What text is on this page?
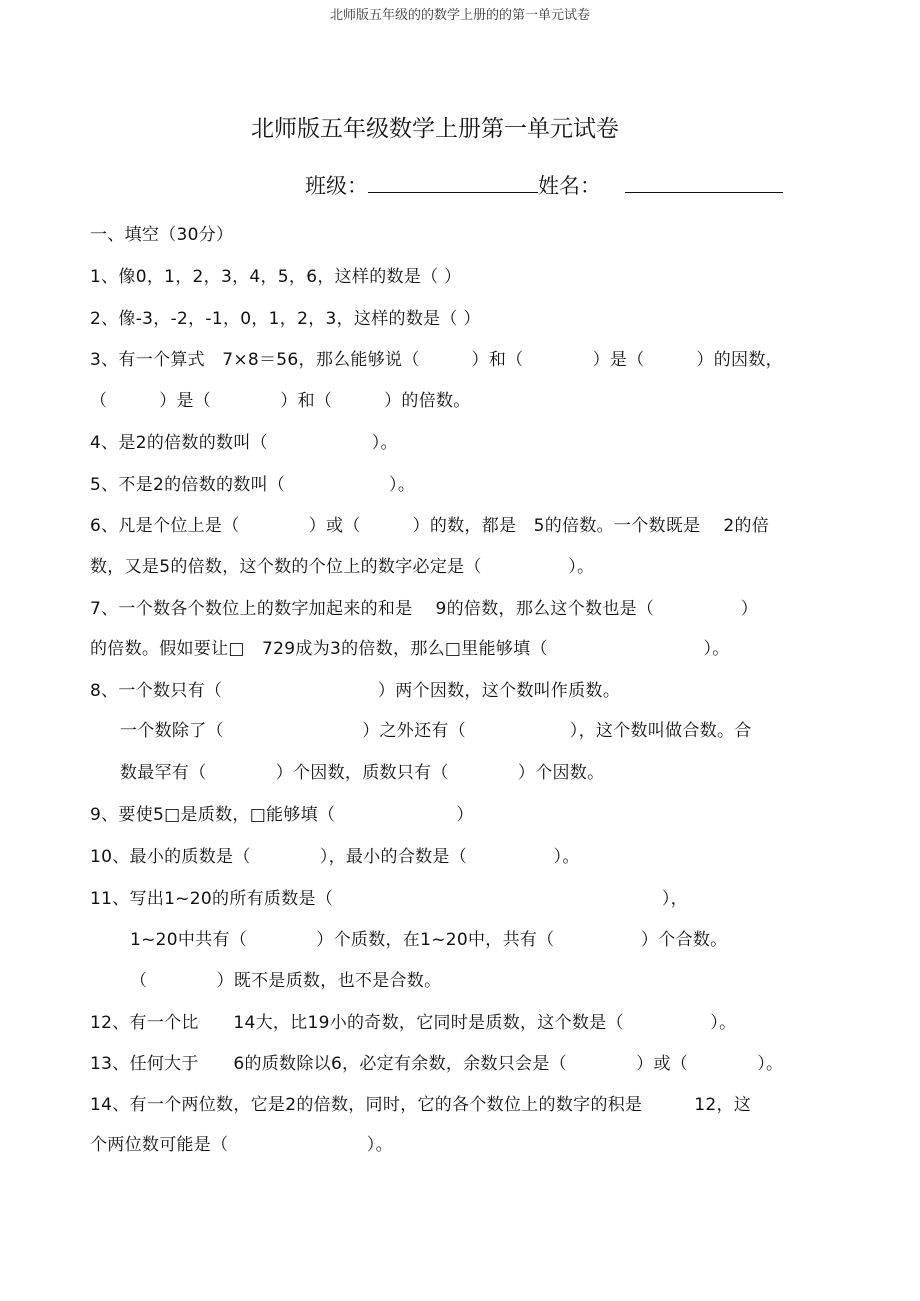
北师版五年级的的数学上册的的第一单元试卷
北师版五年级数学上册第一单元试卷
班级：	姓名：
一、填空（30分）
1、像0，1，2，3，4，5，6，这样的数是（ ）
2、像-3，-2，-1，0，1，2，3，这样的数是（ ）
3、有一个算式　7×8＝56，那么能够说（　　　）和（　　　　）是（　　　）的因数，
（　　　）是（　　　　）和（　　　）的倍数。
4、是2的倍数的数叫（　　　　　　）。
5、不是2的倍数的数叫（　　　　　　）。
6、凡是个位上是（　　　　）或（　　　）的数，都是　5的倍数。一个数既是　 2的倍
数，又是5的倍数，这个数的个位上的数字必定是（　　　　　）。
7、一个数各个数位上的数字加起来的和是　 9的倍数，那么这个数也是（　　　　　）
的倍数。假如要让□　729成为3的倍数，那么□里能够填（　　　　　　　　　）。
8、一个数只有（　　　　　　　　　）两个因数，这个数叫作质数。
一个数除了（　　　　　　　　）之外还有（　　　　　　），这个数叫做合数。合
数最罕有（　　　　）个因数，质数只有（　　　　）个因数。
9、要使5□是质数，□能够填（　　　　　　　）
10、最小的质数是（　　　　），最小的合数是（　　　　　）。
11、写出1~20的所有质数是（　　　　　　　　　　　　　　　　　　　），
1~20中共有（　　　　）个质数，在1~20中，共有（　　　　　）个合数。
（　　　　）既不是质数，也不是合数。
12、有一个比　　14大，比19小的奇数，它同时是质数，这个数是（　　　　　）。
13、任何大于　　6的质数除以6，必定有余数，余数只会是（　　　　）或（　　　　）。
14、有一个两位数，它是2的倍数，同时，它的各个数位上的数字的积是　　　12，这
个两位数可能是（　　　　　　　　）。
